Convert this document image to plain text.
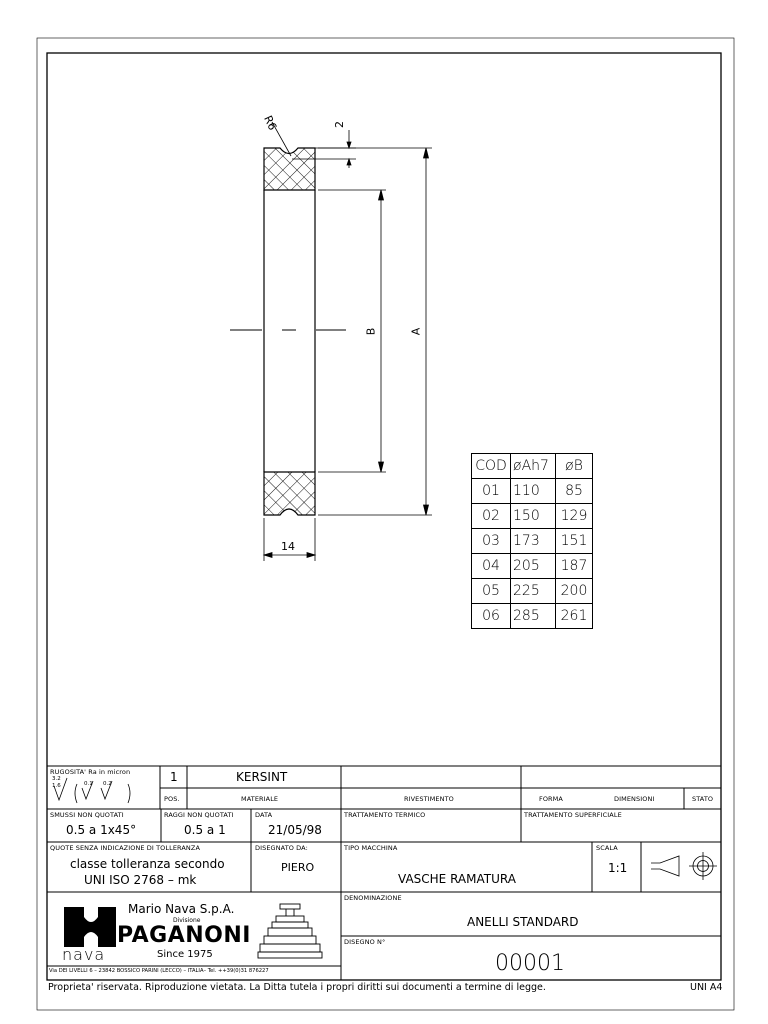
R6	2
A
B
14
COD	øAh7	øB
01	110	85
02	150	129
03	173	151
04	205	187
05	225	200
06	285	261
RUGOSITA' Ra in micron
3.2
1.6	0.1 0.2	1
POS.
KERSINT
MATERIALE	RIVESTIMENTO	FORMA	DIMENSIONI	STATO
SMUSSI NON QUOTATI
0.5 a 1x45°
RAGGI NON QUOTATI
0.5 a 1
DATA
21/05/98
TRATTAMENTO TERMICO	TRATTAMENTO SUPERFICIALE
QUOTE SENZA INDICAZIONE DI TOLLERANZA
classe tolleranza secondo
UNI ISO 2768 – mk
DISEGNATO DA:
PIERO
TIPO MACCHINA
VASCHE RAMATURA
SCALA
1:1
Mario Nava S.p.A.
Divisione
PAGANONI
Since 1975
nava
Via DEI LIVELLI 6 – 23842 BOSSICO PARINI (LECCO) – ITALIA– Tel. ++39(0)31 876227
DENOMINAZIONE
ANELLI STANDARD
DISEGNO N°
00001
Proprieta' riservata. Riproduzione vietata. La Ditta tutela i propri diritti sui documenti a termine di legge.	UNI A4
